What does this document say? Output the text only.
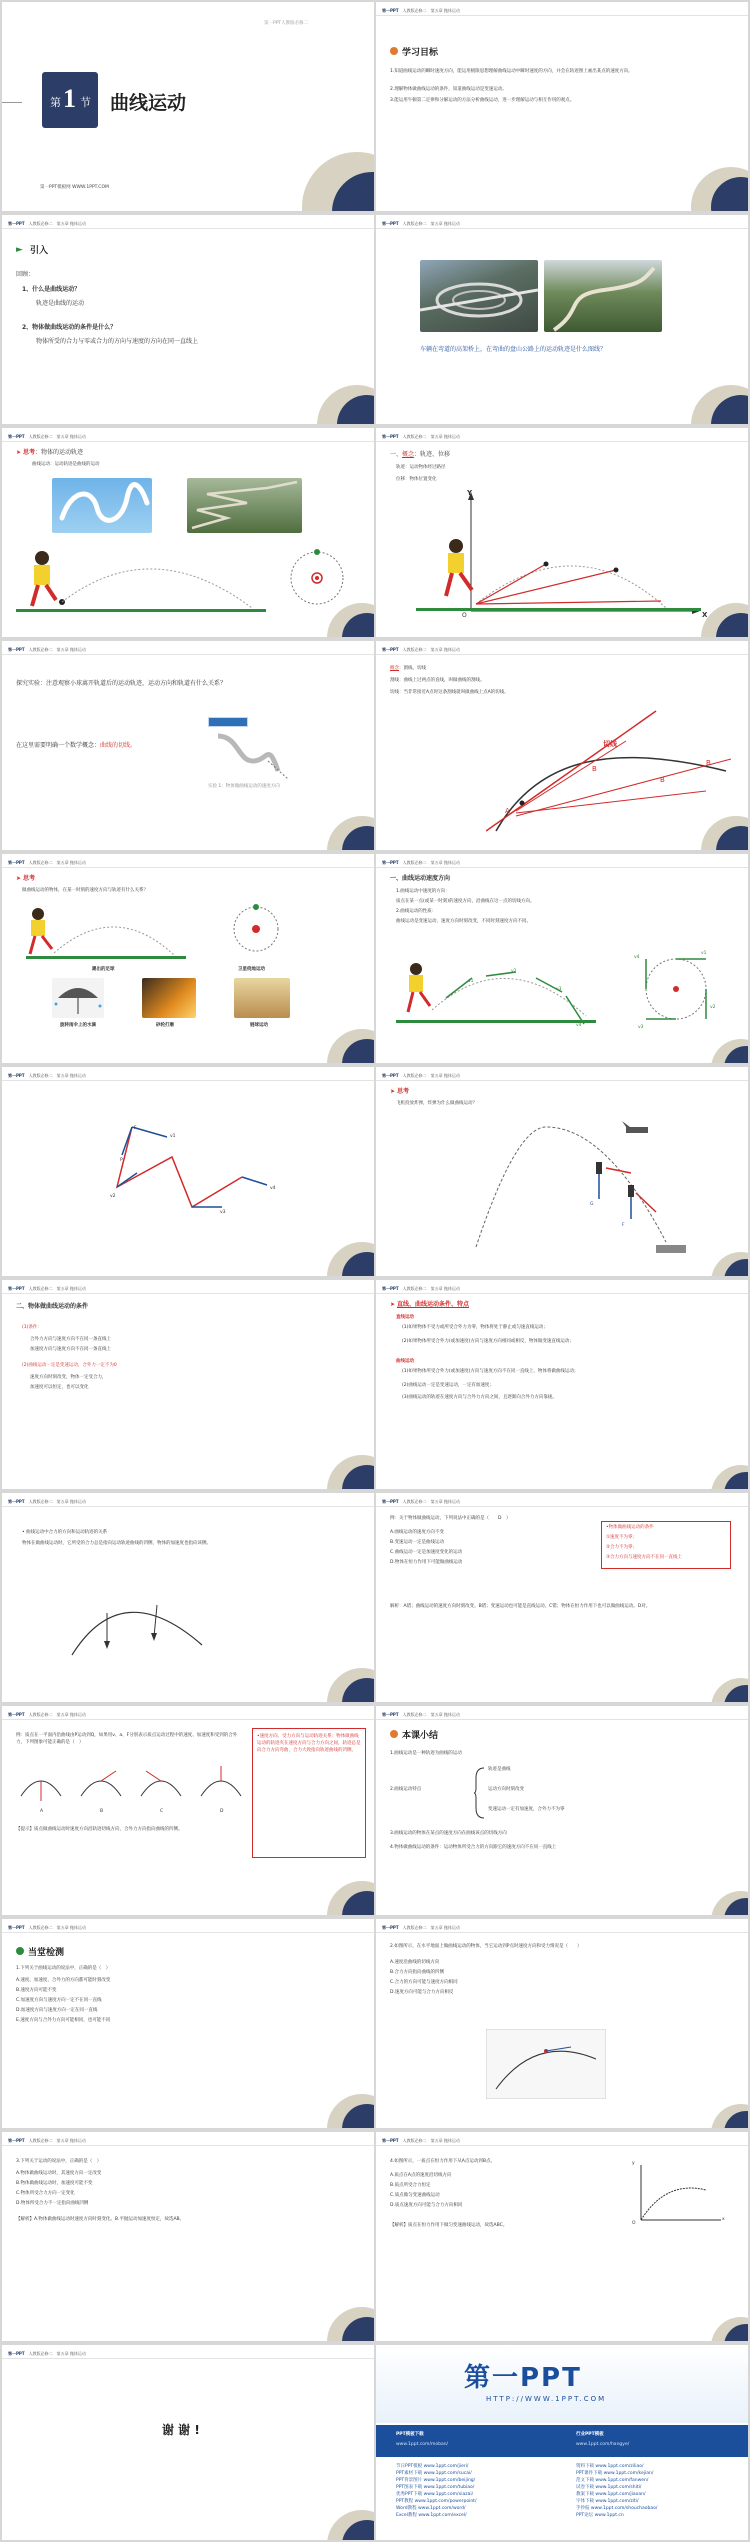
第一PPT人教版必修二
第 1 节 曲线运动
第一PPT模板网 WWW.1PPT.COM
第一PPT　 人教版必修二　 第五章 抛体运动
学习目标
1.知道曲线运动的瞬时速度方向，能运用极限思想理解曲线运动中瞬时速度的方向，并会在轨迹图上画出某点的速度方向。
2.理解物体做曲线运动的条件，知道曲线运动是变速运动。
3.能运用牛顿第二定律和分解运动的方法分析曲线运动，进一步理解运动与相互作用的观点。
第一PPT　 人教版必修二　 第五章 抛体运动
► 引入
回顾：
1、什么是曲线运动？
轨迹是曲线的运动
2、物体做曲线运动的条件是什么？
物体所受的合力与零或合力的方向与速度的方向在同一直线上
第一PPT　 人教版必修二　 第五章 抛体运动
车辆在弯道的高架桥上，在弯曲的盘山公路上的运动轨迹是什么图线？
第一PPT　 人教版必修二　 第五章 抛体运动
➤ 思考：物体的运动轨迹
曲线运动：运动轨迹是曲线的运动
第一PPT　 人教版必修二　 第五章 抛体运动
一、概念：轨迹、位移
轨迹：运动物体经过路径
位移：物体位置变化
Y
X
O
第一PPT　 人教版必修二　 第五章 抛体运动
探究实验：注意观察小球离开轨道后的运动轨迹，运动方向和轨道有什么关系？
在这里需要明确一个数学概念：曲线的切线。
实验 1：物体做曲线运动的速度方向
第一PPT　 人教版必修二　 第五章 抛体运动
概念：割线、切线
割线：曲线上过两点的直线，叫做曲线的割线。
切线：当非常接近A点时这条割线就叫做曲线上点A的切线。
切线
A
B
B
B
第一PPT　 人教版必修二　 第五章 抛体运动
➤ 思考
做曲线运动的物体，在某一时刻的速度方向与轨迹有什么关系？
踢出的足球	卫星绕地运动
旋转雨伞上的水滴	砂轮打磨	链球运动
第一PPT　 人教版必修二　 第五章 抛体运动
一、曲线运动速度方向
1.曲线运动中速度的方向：
质点在某一点(或某一时刻)的速度方向，沿曲线在这一点的切线方向。
2.曲线运动的性质：
曲线运动是变速运动，速度方向时刻改变，不同时刻速度方向不同。
v1
v2
v3
v4
v1
v2
v3
v4
第一PPT　 人教版必修二　 第五章 抛体运动
v1
v2
v3
v4
P
F
第一PPT　 人教版必修二　 第五章 抛体运动
➤ 思考
飞机投放炸弹，炸弹为什么做曲线运动？
G
F
第一PPT　 人教版必修二　 第五章 抛体运动
二、物体做曲线运动的条件
(1)条件：
合外力方向与速度方向不在同一条直线上
加速度方向与速度方向不在同一条直线上
(2)曲线运动一定是变速运动，合外力一定不为0
速度方向时刻改变，物体一定受合力，
加速度可以恒定，也可以变化
第一PPT　 人教版必修二　 第五章 抛体运动
➤ 直线、曲线运动条件、特点
直线运动
(1)如果物体不受力或所受合外力为零，物体将处于静止或匀速直线运动；
(2)如果物体所受合外力(或加速度)方向与速度方向相同或相反，物体做变速直线运动；
曲线运动
(1)如果物体所受合外力(或加速度)方向与速度方向不在同一直线上，物体将做曲线运动；
(2)曲线运动一定是变速运动，一定有加速度；
(3)曲线运动的轨迹在速度方向与合外力方向之间，且逐渐向合外力方向靠拢。
第一PPT　 人教版必修二　 第五章 抛体运动
• 曲线运动中合力的方向和运动轨迹的关系
物体在做曲线运动时，它所受的合力总是指向运动轨迹曲线的凹侧，物体的加速度也指向该侧。
第一PPT　 人教版必修二　 第五章 抛体运动
例：关于物体做曲线运动，下列说法中正确的是（　　D　）
A.曲线运动的速度方向不变
B.变速运动一定是曲线运动
C.曲线运动一定是加速度变化的运动
D.物体在恒力作用下可能做曲线运动
•物体做曲线运动的条件
①速度不为零；
②合力不为零；
③合力方向与速度方向不在同一直线上
解析：A错；曲线运动的速度方向时刻改变。B错；变速运动也可能是直线运动。C错；物体在恒力作用下也可以做曲线运动。D对。
第一PPT　 人教版必修二　 第五章 抛体运动
例：质点在一平面内沿曲线由P运动到Q，如果用v、a、F分别表示质点运动过程中的速度、加速度和受到的合外力，下列图象可能正确的是（　）
A	B	C	D
【提示】质点做曲线运动时速度方向沿轨迹切线方向，合外力方向指向曲线的凹侧。
•速度方向、受力方向与运动轨迹关系：物体做曲线运动的轨迹夹在速度方向与合力方向之间，轨迹总是向合力方向弯曲，合力大致指向轨迹曲线的凹侧。
第一PPT　 人教版必修二　 第五章 抛体运动
本课小结
1.曲线运动是一种轨迹为曲线的运动
2.曲线运动特点
轨迹是曲线
运动方向时刻改变
变速运动一定有加速度，合外力不为零
3.曲线运动的物体在某点的速度方向在曲线该点的切线方向
4.物体做曲线运动的条件：运动物体所受合力的方向跟它的速度方向不在同一直线上
第一PPT　 人教版必修二　 第五章 抛体运动
当堂检测
1.下列关于曲线运动的说法中，正确的是（　）
A.速度、加速度、合外力的方向都可能时刻改变
B.速度方向可能不变
C.加速度方向与速度方向一定不在同一直线
D.加速度方向与速度方向一定在同一直线
E.速度方向与合外力方向可能相同，也可能不同
第一PPT　 人教版必修二　 第五章 抛体运动
2.如图所示，在水平地面上做曲线运动的物体，当它运动到P点时速度方向和受力情况是（　　）
A.速度沿曲线的切线方向
B.合力方向指向曲线的凹侧
C.合力的方向可能与速度方向相同
D.速度方向可能与合力方向相反
第一PPT　 人教版必修二　 第五章 抛体运动
3.下列关于运动的说法中，正确的是（　）
A.物体做曲线运动时，其速度方向一定改变
B.物体做曲线运动时，加速度可能不变
C.物体所受合力方向一定变化
D.物体所受合力不一定指向曲线凹侧
【解析】A.物体做曲线运动时速度方向时刻变化。B.平抛运动加速度恒定，故选AB。
第一PPT　 人教版必修二　 第五章 抛体运动
4.如图所示，一质点在恒力作用下从A点运动到B点。
A.质点在A点的速度沿切线方向
B.质点所受合力恒定
C.质点做匀变速曲线运动
D.质点速度方向可能与合力方向相同
【解析】质点在恒力作用下做匀变速曲线运动，故选ABC。
y
x
O
第一PPT　 人教版必修二　 第五章 抛体运动
谢 谢 !
第一PPT
HTTP://WWW.1PPT.COM
PPT模板下载
www.1ppt.com/moban/
行业PPT模板
www.1ppt.com/hangye/
节日PPT模板 www.1ppt.com/jieri/
PPT素材下载 www.1ppt.com/sucai/
PPT背景图片 www.1ppt.com/beijing/
PPT图表下载 www.1ppt.com/tubiao/
优秀PPT下载 www.1ppt.com/xiazai/
PPT教程 www.1ppt.com/powerpoint/
Word教程 www.1ppt.com/word/
Excel教程 www.1ppt.com/excel/
资料下载 www.1ppt.com/ziliao/
PPT课件下载 www.1ppt.com/kejian/
范文下载 www.1ppt.com/fanwen/
试卷下载 www.1ppt.com/shiti/
教案下载 www.1ppt.com/jiaoan/
字体下载 www.1ppt.com/ziti/
手抄报 www.1ppt.com/shouchaobao/
PPT论坛 www.1ppt.cn
